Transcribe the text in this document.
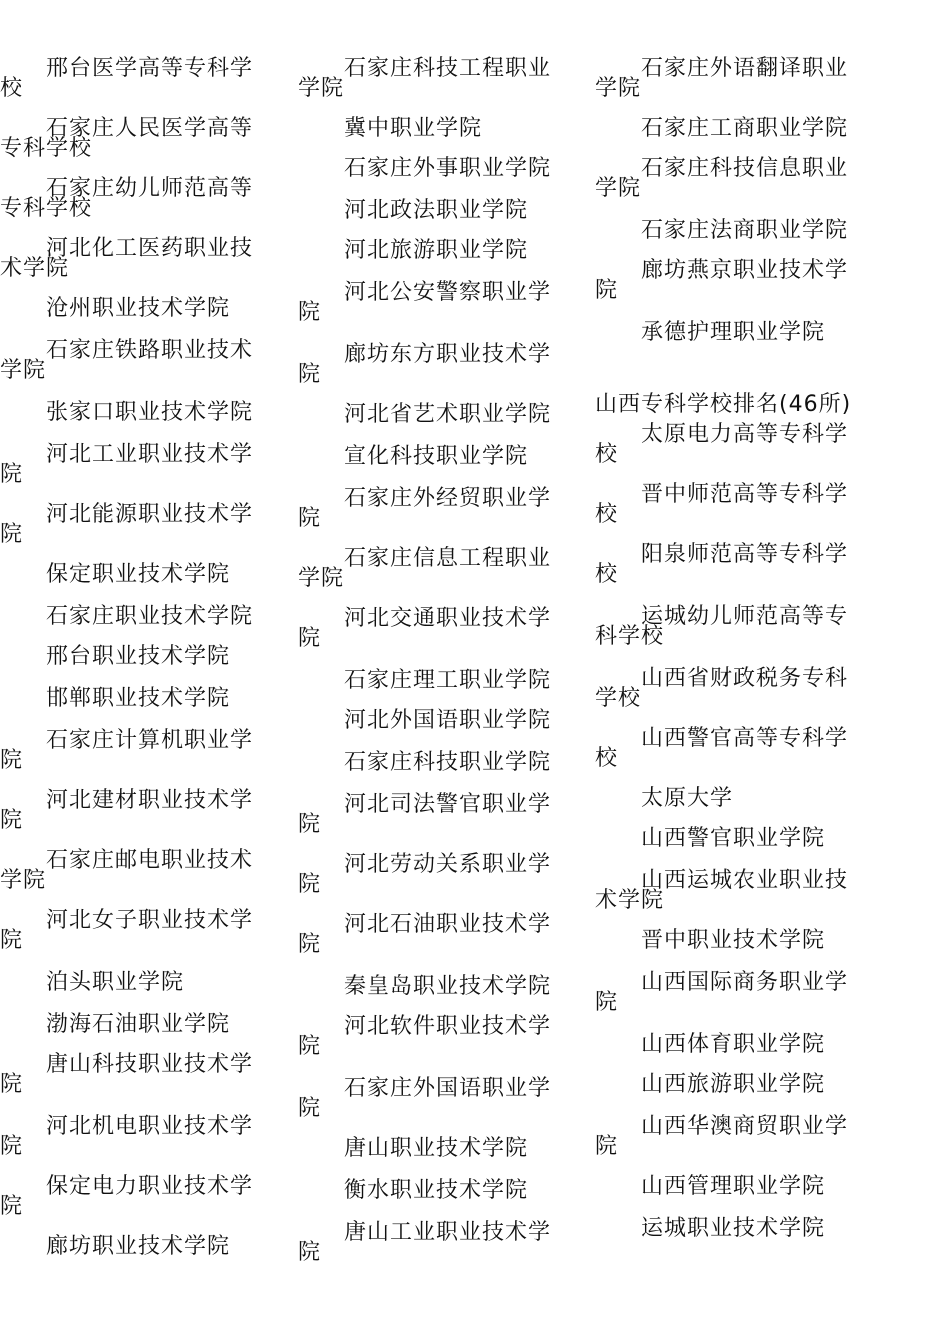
邢台医学高等专科学
校
石家庄人民医学高等
专科学校
石家庄幼儿师范高等
专科学校
河北化工医药职业技
术学院
沧州职业技术学院
石家庄铁路职业技术
学院
张家口职业技术学院
河北工业职业技术学
院
河北能源职业技术学
院
保定职业技术学院
石家庄职业技术学院
邢台职业技术学院
邯郸职业技术学院
石家庄计算机职业学
院
河北建材职业技术学
院
石家庄邮电职业技术
学院
河北女子职业技术学
院
泊头职业学院
渤海石油职业学院
唐山科技职业技术学
院
河北机电职业技术学
院
保定电力职业技术学
院
廊坊职业技术学院
石家庄科技工程职业
学院
冀中职业学院
石家庄外事职业学院
河北政法职业学院
河北旅游职业学院
河北公安警察职业学
院
廊坊东方职业技术学
院
河北省艺术职业学院
宣化科技职业学院
石家庄外经贸职业学
院
石家庄信息工程职业
学院
河北交通职业技术学
院
石家庄理工职业学院
河北外国语职业学院
石家庄科技职业学院
河北司法警官职业学
院
河北劳动关系职业学
院
河北石油职业技术学
院
秦皇岛职业技术学院
河北软件职业技术学
院
石家庄外国语职业学
院
唐山职业技术学院
衡水职业技术学院
唐山工业职业技术学
院
石家庄外语翻译职业
学院
石家庄工商职业学院
石家庄科技信息职业
学院
石家庄法商职业学院
廊坊燕京职业技术学
院
承德护理职业学院
山西专科学校排名(46所)
太原电力高等专科学
校
晋中师范高等专科学
校
阳泉师范高等专科学
校
运城幼儿师范高等专
科学校
山西省财政税务专科
学校
山西警官高等专科学
校
太原大学
山西警官职业学院
山西运城农业职业技
术学院
晋中职业技术学院
山西国际商务职业学
院
山西体育职业学院
山西旅游职业学院
山西华澳商贸职业学
院
山西管理职业学院
运城职业技术学院
